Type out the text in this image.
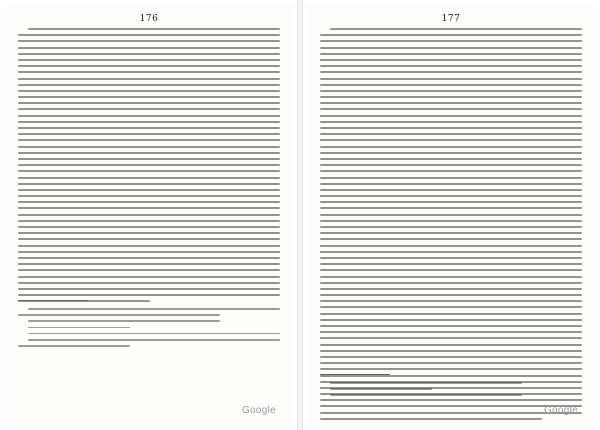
176
Google
177
Google
